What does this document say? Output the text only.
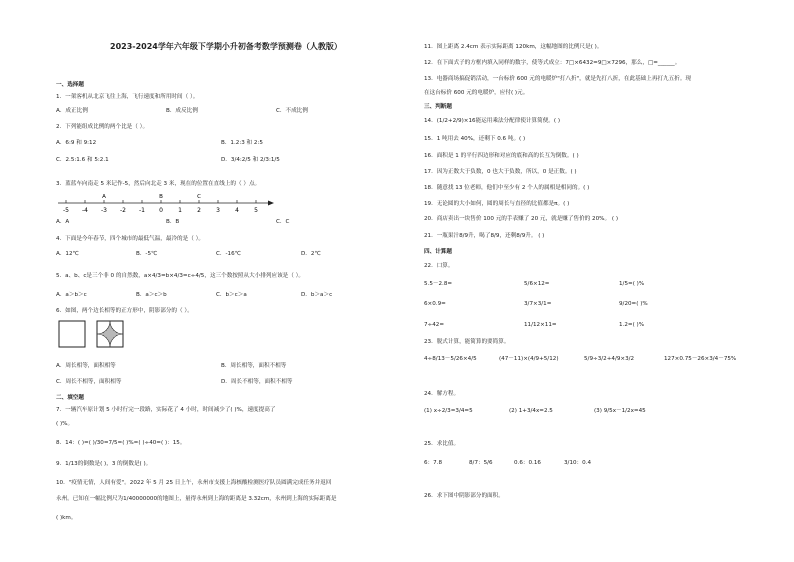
2023-2024学年六年级下学期小升初备考数学预测卷（人教版）
一、选择题
1．一架客机从北京飞往上海，飞行速度和所用时间（ ）。
A．成正比例	B．成反比例	C．不成比例
2．下列能组成比例的两个比是（ ）。
A．6:9 和 9:12	B．1.2:3 和 2:5
C．2.5:1.6 和 5:2.1	D．3/4:2/5 和 2/3:1/5
3．蓝蓝车向南走 5 米记作-5，然后向北走 3 米，现在的位置在直线上的（ ）点。
-5 -4 -3 -2 -1 0	1	2	3	4	5
A	B	C
A．A	B．B	C．C
4．下面是今年春节，四个城市的最低气温，最冷的是（ ）。
A．12℃	B．-5℃	C．-16℃	D．2℃
5．a、b、c是三个非 0 的自然数，a×4/3=b×4/3=c÷4/5，这三个数按照从大小排列应该是（ ）。
A．a＞b＞c	B．a＞c＞b	C．b＞c＞a	D．b＞a＞c
6．如图，两个边长相等的正方形中，阴影部分的（ ）。
A．周长相等，面积相等	B．周长相等，面积不相等
C．周长不相等，面积相等	D．周长不相等，面积不相等
二、填空题
7．一辆汽车原计划 5 小时行完一段路，实际花了 4 小时，时间减少了( )%，速度提高了
( )%。
8．14：( )=( )/30=7/5=( )%=( )÷40=( )：15。
9．1/13的倒数是( )，3 的倒数是( )。
10．"疫情无情，人间有爱"。2022 年 5 月 25 日上午，永州市支援上海核酸检测医疗队员圆满完成任务并返回
永州。已知在一幅比例尺为1/40000000的地图上，量得永州到上海的距离是 3.32cm，永州到上海的实际距离是
( )km。
11．图上距离 2.4cm 表示实际距离 120km，这幅地图的比例尺是( )。
12．在下面式子的方框内填入同样的数字，使等式成立：7□×6432=9□×7296，那么，□=______。
13．电器商场搞促销活动，一台标价 600 元的电暖炉"打八折"，就是先打八折，在此基础上再打九五折。现
在这台标价 600 元的电暖炉，应付( )元。
三、判断题
14．(1/2+2/9)×16能运用乘法分配律使计算简便。( )
15．1 吨用去 40%，还剩下 0.6 吨。( )
16．面积是 1 的平行四边形和对应的底和高的长互为倒数。( )
17．因为正数大于负数，0 也大于负数，所以，0 是正数。( )
18．随意找 13 位老师，他们中至少有 2 个人的属相是相同的。( )
19．无论圆的大小如何，圆的周长与直径的比值都是π。( )
20．商店卖出一块售价 100 元的手表赚了 20 元，就是赚了售价的 20%。 ( )
21．一瓶果汁8/9升，喝了8/9，还剩8/9升。 ( )
四、计算题
22．口算。
5.5－2.8=	5/6×12=	1/5=( )%
6×0.9=	3/7×3/1=	9/20=( )%
7÷42=	11/12×11=	1.2=( )%
23．脱式计算，能简算的要简算。
4÷8/13－5/26×4/5	(47－11)×(4/9+5/12)	5/9÷3/2+4/9×3/2	127×0.75－26×3/4－75%
24．解方程。
(1) x÷2/3=3/4=5	(2) 1+3/4x=2.5	(3) 9/5x－1/2x=45
25．求比值。
6：7.8	8/7：5/6	0.6：0.16	3/10：0.4
26．求下图中阴影部分的面积。
